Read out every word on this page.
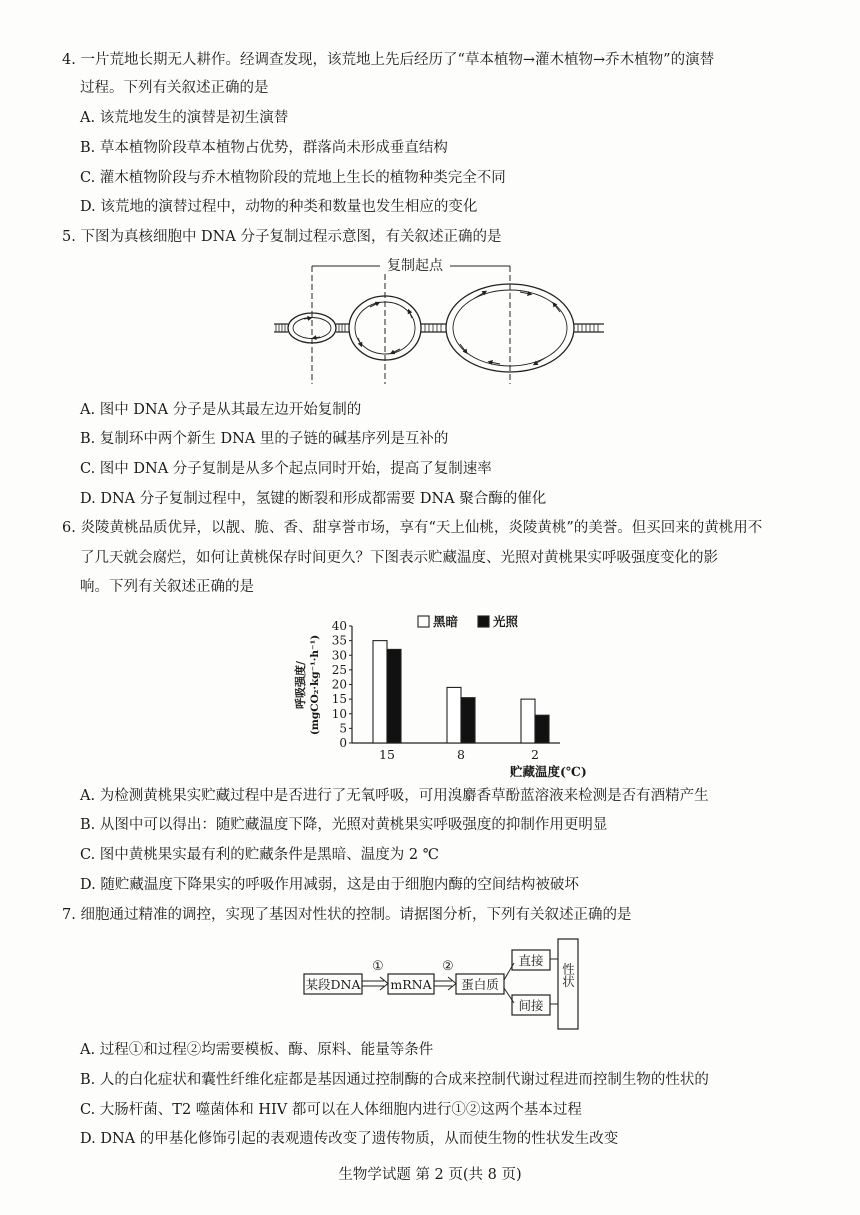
4. 一片荒地长期无人耕作。经调查发现，该荒地上先后经历了“草本植物→灌木植物→乔木植物”的演替
过程。下列有关叙述正确的是
A. 该荒地发生的演替是初生演替
B. 草本植物阶段草本植物占优势，群落尚未形成垂直结构
C. 灌木植物阶段与乔木植物阶段的荒地上生长的植物种类完全不同
D. 该荒地的演替过程中，动物的种类和数量也发生相应的变化
5. 下图为真核细胞中 DNA 分子复制过程示意图，有关叙述正确的是
复制起点
A. 图中 DNA 分子是从其最左边开始复制的
B. 复制环中两个新生 DNA 里的子链的碱基序列是互补的
C. 图中 DNA 分子复制是从多个起点同时开始，提高了复制速率
D. DNA 分子复制过程中，氢键的断裂和形成都需要 DNA 聚合酶的催化
6. 炎陵黄桃品质优异，以靓、脆、香、甜享誉市场，享有“天上仙桃，炎陵黄桃”的美誉。但买回来的黄桃用不
了几天就会腐烂，如何让黄桃保存时间更久？下图表示贮藏温度、光照对黄桃果实呼吸强度变化的影
响。下列有关叙述正确的是
呼吸强度/ (mgCO₂·kg⁻¹·h⁻¹)
0
5
10
15
20
25
30
35
40
15	8	2
黑暗	光照
贮藏温度(℃)
A. 为检测黄桃果实贮藏过程中是否进行了无氧呼吸，可用溴麝香草酚蓝溶液来检测是否有酒精产生
B. 从图中可以得出：随贮藏温度下降，光照对黄桃果实呼吸强度的抑制作用更明显
C. 图中黄桃果实最有利的贮藏条件是黑暗、温度为 2 ℃
D. 随贮藏温度下降果实的呼吸作用减弱，这是由于细胞内酶的空间结构被破坏
7. 细胞通过精准的调控，实现了基因对性状的控制。请据图分析，下列有关叙述正确的是
某段DNA
①
mRNA
②
蛋白质
直接
间接
性状
A. 过程①和过程②均需要模板、酶、原料、能量等条件
B. 人的白化症状和囊性纤维化症都是基因通过控制酶的合成来控制代谢过程进而控制生物的性状的
C. 大肠杆菌、T2 噬菌体和 HIV 都可以在人体细胞内进行①②这两个基本过程
D. DNA 的甲基化修饰引起的表观遗传改变了遗传物质，从而使生物的性状发生改变
生物学试题 第 2 页(共 8 页)
